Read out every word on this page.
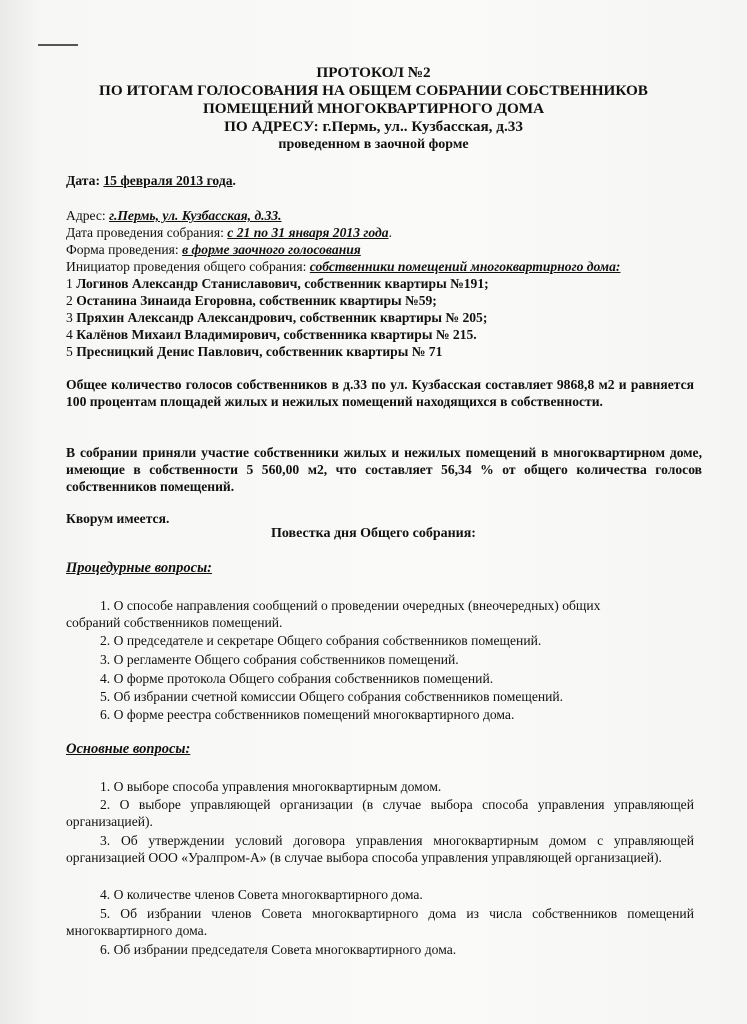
ПРОТОКОЛ №2
ПО ИТОГАМ ГОЛОСОВАНИЯ НА ОБЩЕМ СОБРАНИИ СОБСТВЕННИКОВ
ПОМЕЩЕНИЙ МНОГОКВАРТИРНОГО ДОМА
ПО АДРЕСУ: г.Пермь, ул.. Кузбасская, д.33
проведенном в заочной форме
Дата: 15 февраля 2013 года.
Адрес: г.Пермь, ул. Кузбасская, д.33.
Дата проведения собрания: с 21 по 31 января 2013 года.
Форма проведения: в форме заочного голосования
Инициатор проведения общего собрания: собственники помещений многоквартирного дома:
1 Логинов Александр Станиславович, собственник квартиры №191;
2 Останина Зинаида Егоровна, собственник квартиры №59;
3 Пряхин Александр Александрович, собственник квартиры № 205;
4 Калёнов Михаил Владимирович, собственника квартиры № 215.
5 Пресницкий Денис Павлович, собственник квартиры № 71
Общее количество голосов собственников в д.33 по ул. Кузбасская составляет 9868,8 м2 и равняется 100 процентам площадей жилых и нежилых помещений находящихся в собственности.
В собрании приняли участие собственники жилых и нежилых помещений в многоквартирном доме, имеющие в собственности 5 560,00 м2, что составляет 56,34 % от общего количества голосов собственников помещений.
Кворум имеется.
Повестка дня Общего собрания:
Процедурные вопросы:
1. О способе направления сообщений о проведении очередных (внеочередных) общих
собраний собственников помещений.
2. О председателе и секретаре Общего собрания собственников помещений.
3. О регламенте Общего собрания собственников помещений.
4. О форме протокола Общего собрания собственников помещений.
5. Об избрании счетной комиссии Общего собрания собственников помещений.
6. О форме реестра собственников помещений многоквартирного дома.
Основные вопросы:
1. О выборе способа управления многоквартирным домом.
2. О выборе управляющей организации (в случае выбора способа управления управляющей организацией).
3. Об утверждении условий договора управления многоквартирным домом с управляющей организацией ООО «Уралпром-А» (в случае выбора способа управления управляющей организацией).
4. О количестве членов Совета многоквартирного дома.
5. Об избрании членов Совета многоквартирного дома из числа собственников помещений многоквартирного дома.
6. Об избрании председателя Совета многоквартирного дома.
